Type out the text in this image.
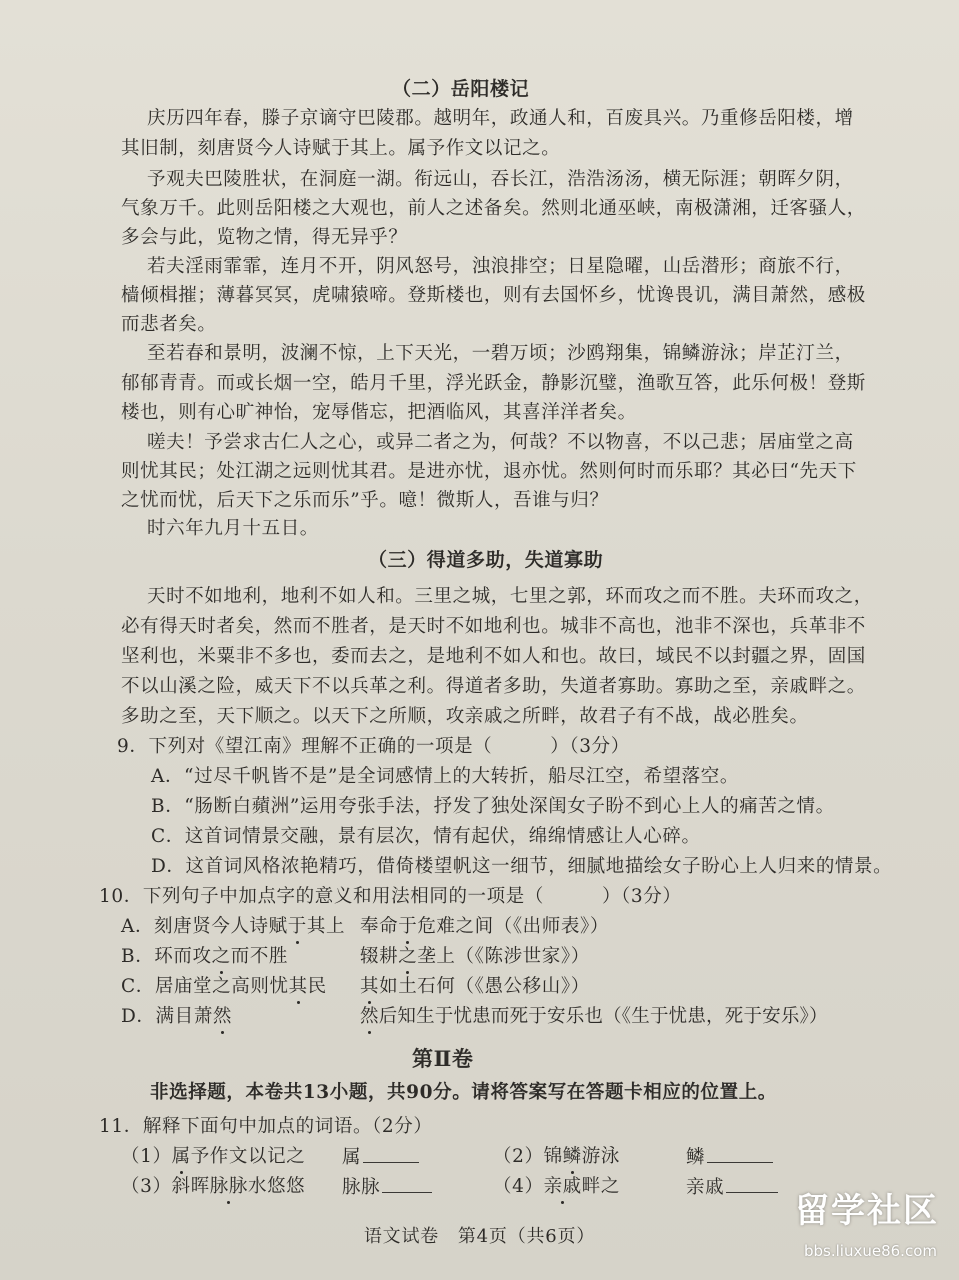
（二）岳阳楼记
庆历四年春，滕子京谪守巴陵郡。越明年，政通人和，百废具兴。乃重修岳阳楼，增
其旧制，刻唐贤今人诗赋于其上。属予作文以记之。
予观夫巴陵胜状，在洞庭一湖。衔远山，吞长江，浩浩汤汤，横无际涯；朝晖夕阴，
气象万千。此则岳阳楼之大观也，前人之述备矣。然则北通巫峡，南极潇湘，迁客骚人，
多会与此，览物之情，得无异乎？
若夫淫雨霏霏，连月不开，阴风怒号，浊浪排空；日星隐曜，山岳潜形；商旅不行，
樯倾楫摧；薄暮冥冥，虎啸猿啼。登斯楼也，则有去国怀乡，忧谗畏讥，满目萧然，感极
而悲者矣。
至若春和景明，波澜不惊，上下天光，一碧万顷；沙鸥翔集，锦鳞游泳；岸芷汀兰，
郁郁青青。而或长烟一空，皓月千里，浮光跃金，静影沉璧，渔歌互答，此乐何极！登斯
楼也，则有心旷神怡，宠辱偕忘，把酒临风，其喜洋洋者矣。
嗟夫！予尝求古仁人之心，或异二者之为，何哉？不以物喜，不以己悲；居庙堂之高
则忧其民；处江湖之远则忧其君。是进亦忧，退亦忧。然则何时而乐耶？其必曰“先天下
之忧而忧，后天下之乐而乐”乎。噫！微斯人，吾谁与归？
时六年九月十五日。
（三）得道多助，失道寡助
天时不如地利，地利不如人和。三里之城，七里之郭，环而攻之而不胜。夫环而攻之，
必有得天时者矣，然而不胜者，是天时不如地利也。城非不高也，池非不深也，兵革非不
坚利也，米粟非不多也，委而去之，是地利不如人和也。故曰，域民不以封疆之界，固国
不以山溪之险，威天下不以兵革之利。得道者多助，失道者寡助。寡助之至，亲戚畔之。
多助之至，天下顺之。以天下之所顺，攻亲戚之所畔，故君子有不战，战必胜矣。
9．下列对《望江南》理解不正确的一项是（	）（3分）
A．“过尽千帆皆不是”是全词感情上的大转折，船尽江空，希望落空。
B．“肠断白蘋洲”运用夸张手法，抒发了独处深闺女子盼不到心上人的痛苦之情。
C．这首词情景交融，景有层次，情有起伏，绵绵情感让人心碎。
D．这首词风格浓艳精巧，借倚楼望帆这一细节，细腻地描绘女子盼心上人归来的情景。
10．下列句子中加点字的意义和用法相同的一项是（	）（3分）
A．刻唐贤今人诗赋于其上 奉命于危难之间（《出师表》）
B．环而攻之而不胜	辍耕之垄上（《陈涉世家》）
C．居庙堂之高则忧其民 其如土石何（《愚公移山》）
D．满目萧然	然后知生于忧患而死于安乐也（《生于忧患，死于安乐》）
第Ⅱ卷
非选择题，本卷共13小题，共90分。请将答案写在答题卡相应的位置上。
11．解释下面句中加点的词语。（2分）
（1）属予作文以记之 属	（2）锦鳞游泳	鳞
（3）斜晖脉脉水悠悠 脉脉	（4）亲戚畔之	亲戚
语文试卷　第4页（共6页）
留学社区
bbs.liuxue86.com
